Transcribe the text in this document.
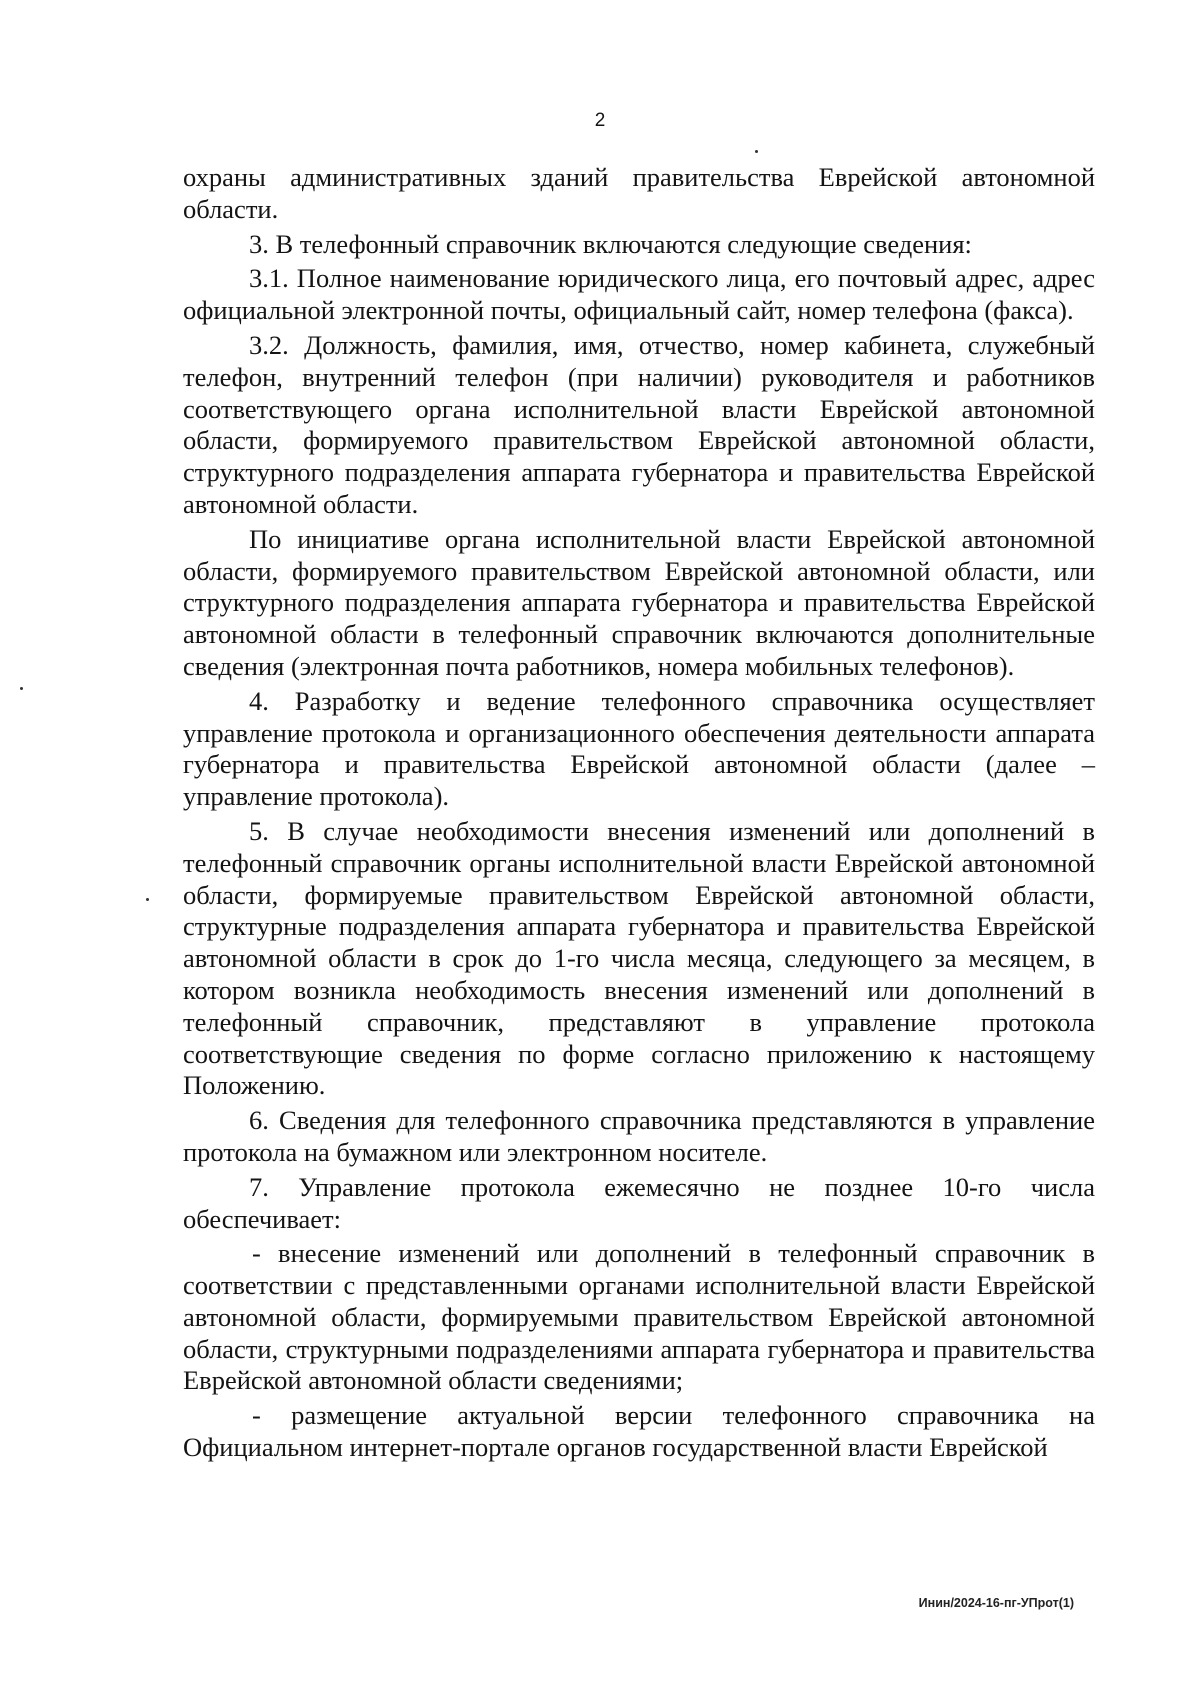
2

охраны административных зданий правительства Еврейской автономной области.

3. В телефонный справочник включаются следующие сведения:

3.1. Полное наименование юридического лица, его почтовый адрес, адрес официальной электронной почты, официальный сайт, номер телефона (факса).

3.2. Должность, фамилия, имя, отчество, номер кабинета, служебный телефон, внутренний телефон (при наличии) руководителя и работников соответствующего органа исполнительной власти Еврейской автономной области, формируемого правительством Еврейской автономной области, структурного подразделения аппарата губернатора и правительства Еврейской автономной области.

По инициативе органа исполнительной власти Еврейской автономной области, формируемого правительством Еврейской автономной области, или структурного подразделения аппарата губернатора и правительства Еврейской автономной области в телефонный справочник включаются дополнительные сведения (электронная почта работников, номера мобильных телефонов).

4. Разработку и ведение телефонного справочника осуществляет управление протокола и организационного обеспечения деятельности аппарата губернатора и правительства Еврейской автономной области (далее – управление протокола).

5. В случае необходимости внесения изменений или дополнений в телефонный справочник органы исполнительной власти Еврейской автономной области, формируемые правительством Еврейской автономной области, структурные подразделения аппарата губернатора и правительства Еврейской автономной области в срок до 1-го числа месяца, следующего за месяцем, в котором возникла необходимость внесения изменений или дополнений в телефонный справочник, представляют в управление протокола соответствующие сведения по форме согласно приложению к настоящему Положению.

6. Сведения для телефонного справочника представляются в управление протокола на бумажном или электронном носителе.

7. Управление протокола ежемесячно не позднее 10-го числа обеспечивает:

- внесение изменений или дополнений в телефонный справочник в соответствии с представленными органами исполнительной власти Еврейской автономной области, формируемыми правительством Еврейской автономной области, структурными подразделениями аппарата губернатора и правительства Еврейской автономной области сведениями;

- размещение актуальной версии телефонного справочника на Официальном интернет-портале органов государственной власти Еврейской

Инин/2024-16-пг-УПрот(1)
